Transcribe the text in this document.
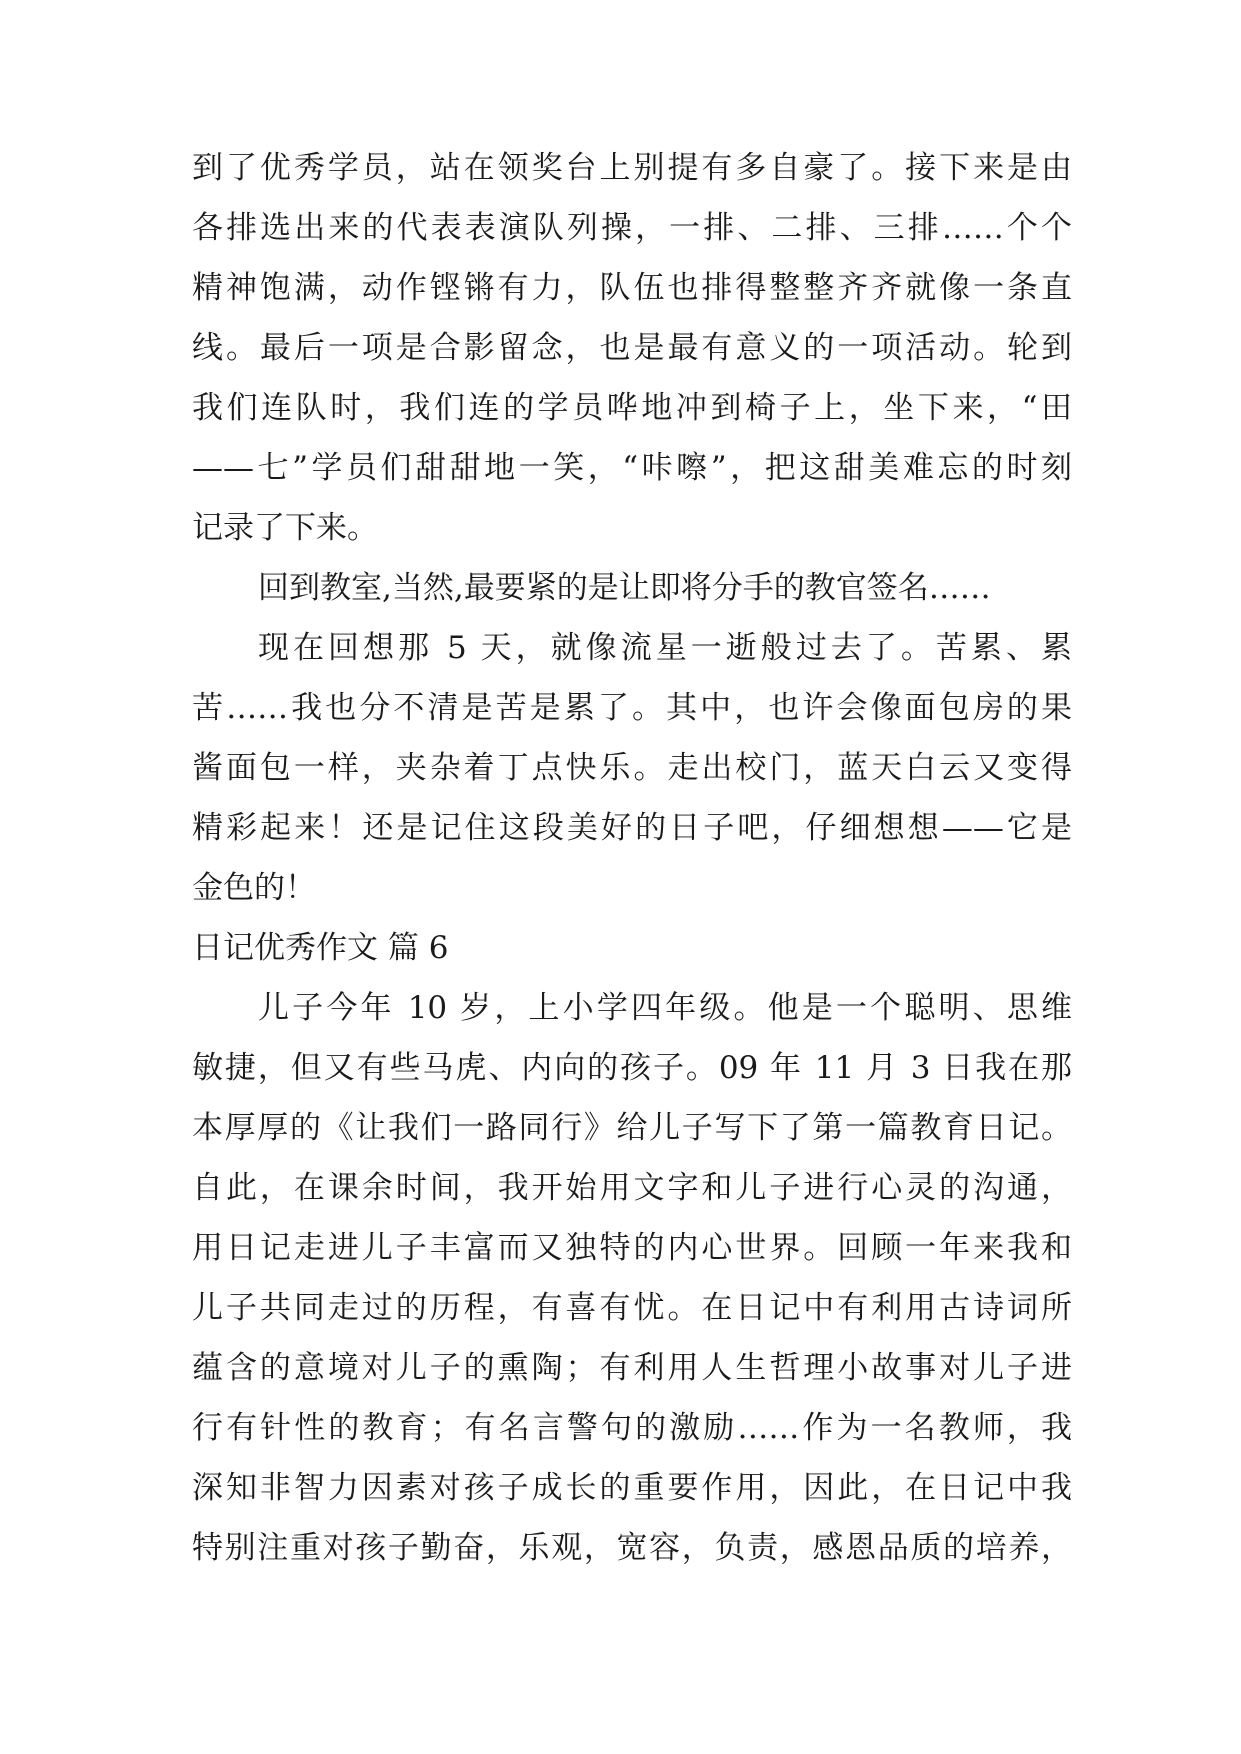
到了优秀学员，站在领奖台上别提有多自豪了。接下来是由
各排选出来的代表表演队列操，一排、二排、三排……个个
精神饱满，动作铿锵有力，队伍也排得整整齐齐就像一条直
线。最后一项是合影留念，也是最有意义的一项活动。轮到
我们连队时，我们连的学员哗地冲到椅子上，坐下来，“田
——七”学员们甜甜地一笑，“咔嚓”，把这甜美难忘的时刻
记录了下来。
回到教室,当然,最要紧的是让即将分手的教官签名……
现在回想那 5 天，就像流星一逝般过去了。苦累、累
苦……我也分不清是苦是累了。其中，也许会像面包房的果
酱面包一样，夹杂着丁点快乐。走出校门，蓝天白云又变得
精彩起来！还是记住这段美好的日子吧，仔细想想——它是
金色的！
日记优秀作文 篇 6
儿子今年 10 岁，上小学四年级。他是一个聪明、思维
敏捷，但又有些马虎、内向的孩子。09 年 11 月 3 日我在那
本厚厚的《让我们一路同行》给儿子写下了第一篇教育日记。
自此，在课余时间，我开始用文字和儿子进行心灵的沟通，
用日记走进儿子丰富而又独特的内心世界。回顾一年来我和
儿子共同走过的历程，有喜有忧。在日记中有利用古诗词所
蕴含的意境对儿子的熏陶；有利用人生哲理小故事对儿子进
行有针性的教育；有名言警句的激励……作为一名教师，我
深知非智力因素对孩子成长的重要作用，因此，在日记中我
特别注重对孩子勤奋，乐观，宽容，负责，感恩品质的培养，
